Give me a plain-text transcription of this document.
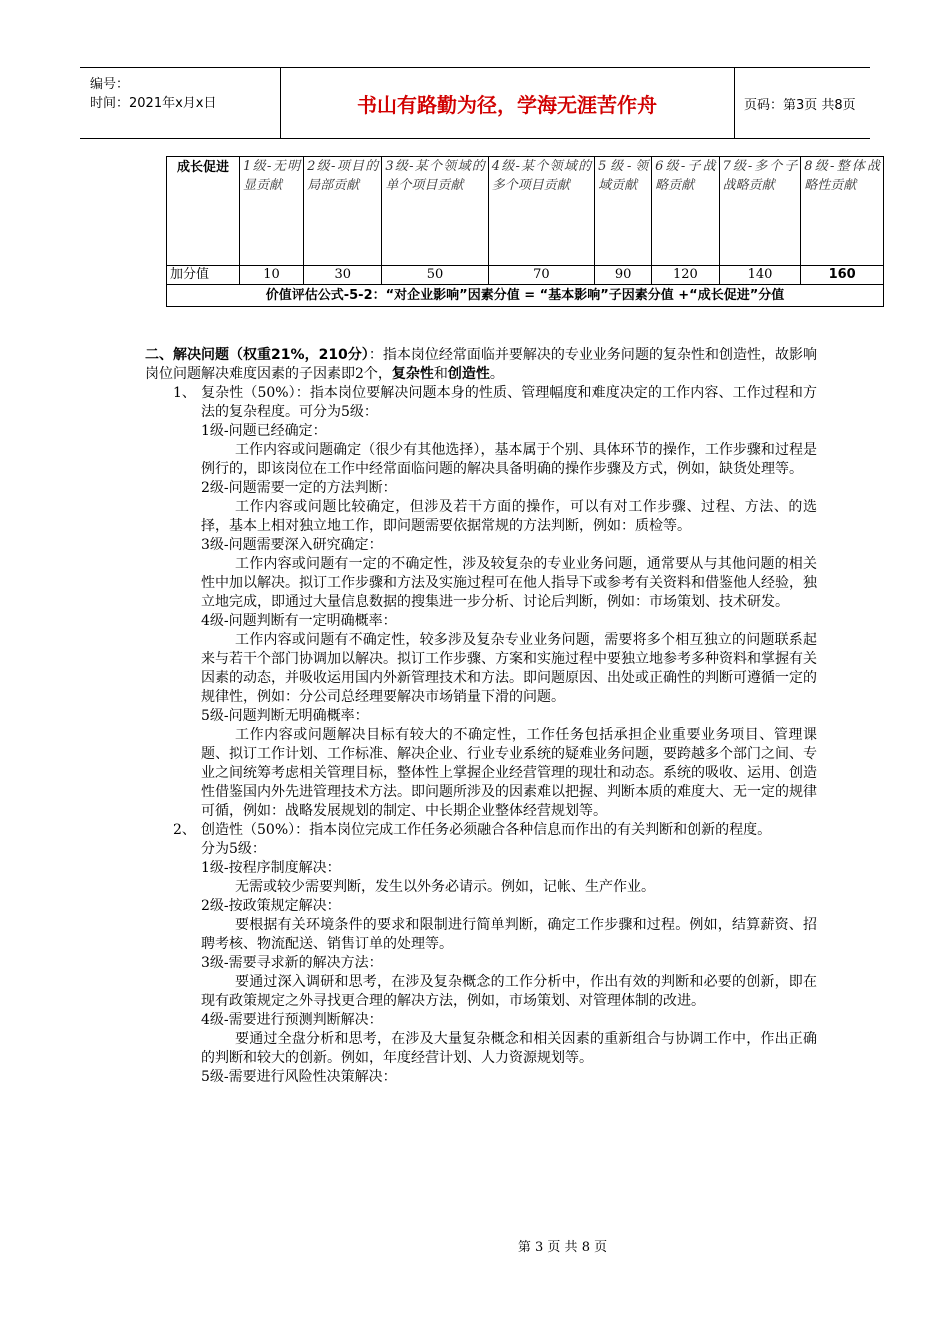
编号：
时间：2021年x月x日	书山有路勤为径，学海无涯苦作舟	页码：第3页 共8页
成长促进	1级-无明显贡献	2级-项目的局部贡献	3级-某个领域的单个项目贡献	4级-某个领域的多个项目贡献	5级-领域贡献	6级-子战略贡献	7级-多个子战略贡献	8级-整体战略性贡献
加分值	10	30	50	70	90	120	140	160
价值评估公式-5-2：“对企业影响”因素分值 = “基本影响”子因素分值 +“成长促进”分值								

二、解决问题（权重21%，210分）：指本岗位经常面临并要解决的专业业务问题的复杂性和创造性，故影响岗位问题解决难度因素的子因素即2个，复杂性和创造性。

1、 复杂性（50%）：指本岗位要解决问题本身的性质、管理幅度和难度决定的工作内容、工作过程和方法的复杂程度。可分为5级：

1级-问题已经确定：

工作内容或问题确定（很少有其他选择），基本属于个别、具体环节的操作，工作步骤和过程是例行的，即该岗位在工作中经常面临问题的解决具备明确的操作步骤及方式，例如，缺货处理等。

2级-问题需要一定的方法判断：

工作内容或问题比较确定，但涉及若干方面的操作，可以有对工作步骤、过程、方法、的选择，基本上相对独立地工作，即问题需要依据常规的方法判断，例如：质检等。

3级-问题需要深入研究确定：

工作内容或问题有一定的不确定性，涉及较复杂的专业业务问题，通常要从与其他问题的相关性中加以解决。拟订工作步骤和方法及实施过程可在他人指导下或参考有关资料和借鉴他人经验，独立地完成，即通过大量信息数据的搜集进一步分析、讨论后判断，例如：市场策划、技术研发。

4级-问题判断有一定明确概率：

工作内容或问题有不确定性，较多涉及复杂专业业务问题，需要将多个相互独立的问题联系起来与若干个部门协调加以解决。拟订工作步骤、方案和实施过程中要独立地参考多种资料和掌握有关因素的动态，并吸收运用国内外新管理技术和方法。即问题原因、出处或正确性的判断可遵循一定的规律性，例如：分公司总经理要解决市场销量下滑的问题。

5级-问题判断无明确概率：

工作内容或问题解决目标有较大的不确定性，工作任务包括承担企业重要业务项目、管理课题、拟订工作计划、工作标准、解决企业、行业专业系统的疑难业务问题，要跨越多个部门之间、专业之间统筹考虑相关管理目标，整体性上掌握企业经营管理的现壮和动态。系统的吸收、运用、创造性借鉴国内外先进管理技术方法。即问题所涉及的因素难以把握、判断本质的难度大、无一定的规律可循，例如：战略发展规划的制定、中长期企业整体经营规划等。

2、 创造性（50%）：指本岗位完成工作任务必须融合各种信息而作出的有关判断和创新的程度。

分为5级：

1级-按程序制度解决：

无需或较少需要判断，发生以外务必请示。例如，记帐、生产作业。

2级-按政策规定解决：

要根据有关环境条件的要求和限制进行简单判断，确定工作步骤和过程。例如，结算薪资、招聘考核、物流配送、销售订单的处理等。

3级-需要寻求新的解决方法：

要通过深入调研和思考，在涉及复杂概念的工作分析中，作出有效的判断和必要的创新，即在现有政策规定之外寻找更合理的解决方法，例如，市场策划、对管理体制的改进。

4级-需要进行预测判断解决：

要通过全盘分析和思考，在涉及大量复杂概念和相关因素的重新组合与协调工作中，作出正确的判断和较大的创新。例如，年度经营计划、人力资源规划等。

5级-需要进行风险性决策解决：

第 3 页 共 8 页
